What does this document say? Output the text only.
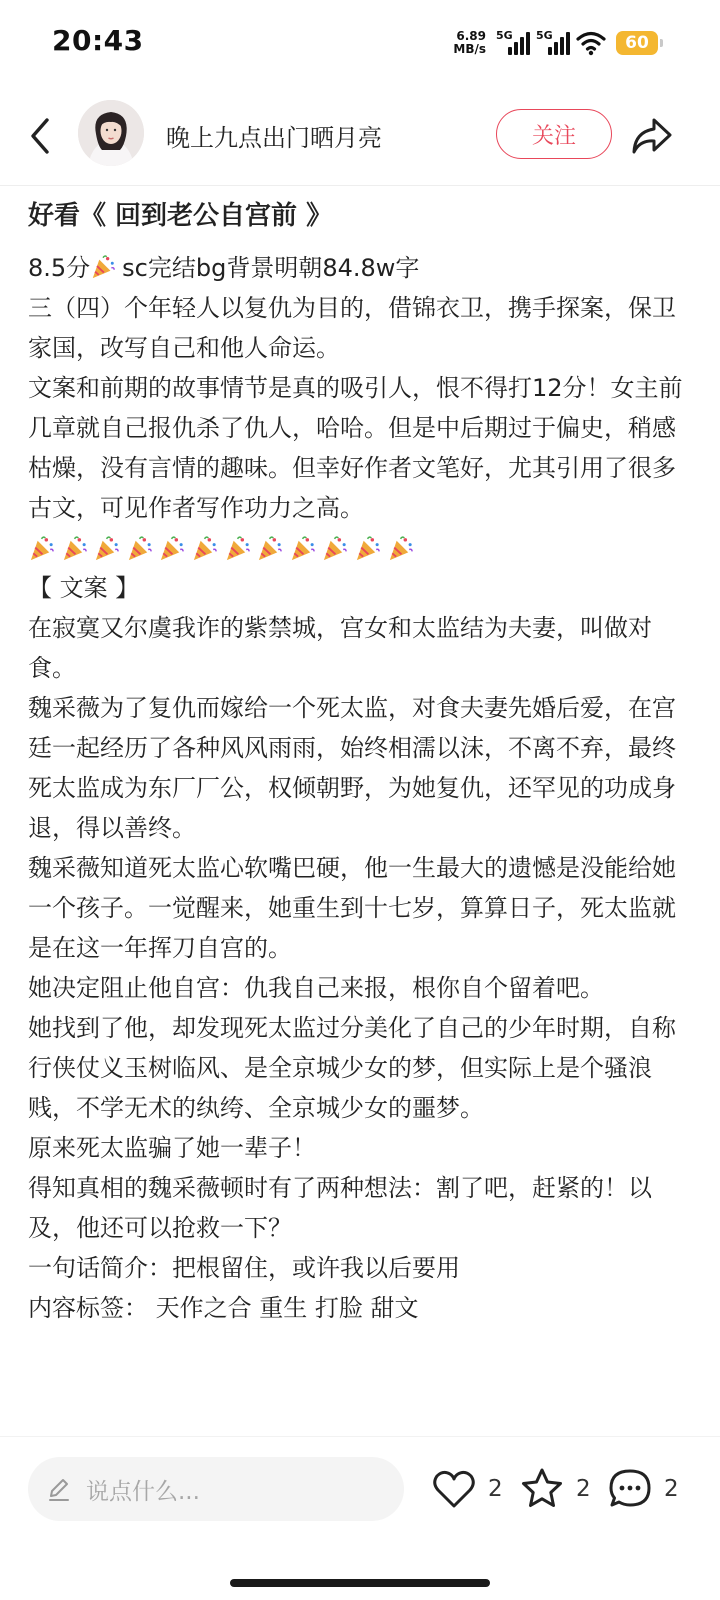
20:43	6.89
MB/s
5G 5G	60
晚上九点出门晒月亮	关注
好看《 回到老公自宫前 》
8.5分 sc完结bg背景明朝84.8w字
三（四）个年轻人以复仇为目的，借锦衣卫，携手探案，保卫家国，改写自己和他人命运。
文案和前期的故事情节是真的吸引人，恨不得打12分！女主前几章就自己报仇杀了仇人，哈哈。但是中后期过于偏史，稍感枯燥，没有言情的趣味。但幸好作者文笔好，尤其引用了很多古文，可见作者写作功力之高。
【 文案 】
在寂寞又尔虞我诈的紫禁城，宫女和太监结为夫妻，叫做对食。
魏采薇为了复仇而嫁给一个死太监，对食夫妻先婚后爱，在宫廷一起经历了各种风风雨雨，始终相濡以沫，不离不弃，最终死太监成为东厂厂公，权倾朝野，为她复仇，还罕见的功成身退，得以善终。
魏采薇知道死太监心软嘴巴硬，他一生最大的遗憾是没能给她一个孩子。一觉醒来，她重生到十七岁，算算日子，死太监就是在这一年挥刀自宫的。
她决定阻止他自宫：仇我自己来报，根你自个留着吧。
她找到了他，却发现死太监过分美化了自己的少年时期，自称行侠仗义玉树临风、是全京城少女的梦，但实际上是个骚浪贱，不学无术的纨绔、全京城少女的噩梦。
原来死太监骗了她一辈子！
得知真相的魏采薇顿时有了两种想法：割了吧，赶紧的！以及，他还可以抢救一下？
一句话简介：把根留住，或许我以后要用
内容标签： 天作之合 重生 打脸 甜文
说点什么...	2	2	2
